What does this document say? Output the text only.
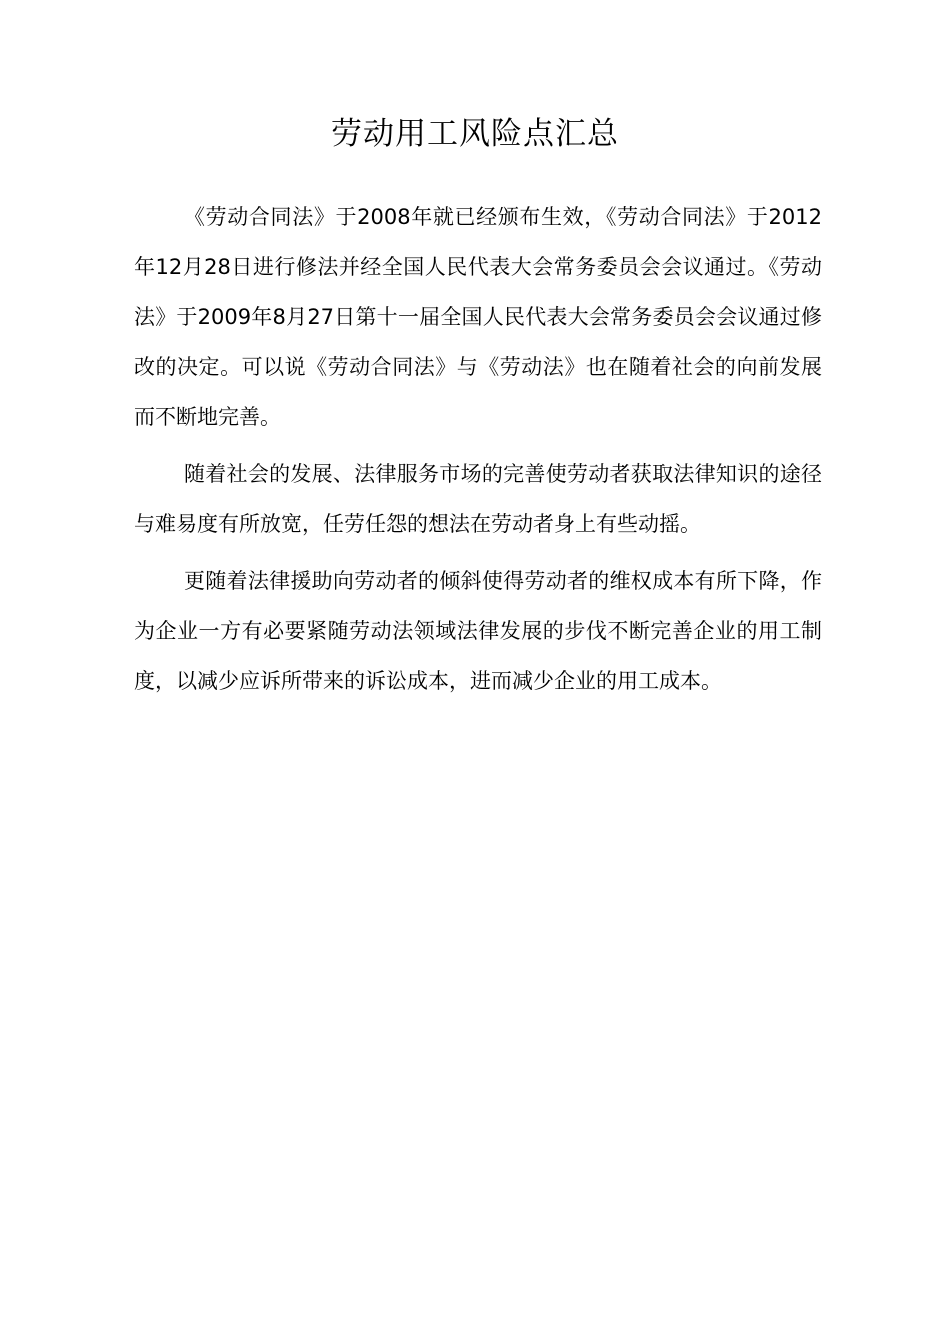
劳动用工风险点汇总

《劳动合同法》于2008年就已经颁布生效，《劳动合同法》于2012年12月28日进行修法并经全国人民代表大会常务委员会会议通过。《劳动法》于2009年8月27日第十一届全国人民代表大会常务委员会会议通过修改的决定。可以说《劳动合同法》与《劳动法》也在随着社会的向前发展而不断地完善。

随着社会的发展、法律服务市场的完善使劳动者获取法律知识的途径与难易度有所放宽，任劳任怨的想法在劳动者身上有些动摇。

更随着法律援助向劳动者的倾斜使得劳动者的维权成本有所下降，作为企业一方有必要紧随劳动法领域法律发展的步伐不断完善企业的用工制度，以减少应诉所带来的诉讼成本，进而减少企业的用工成本。
